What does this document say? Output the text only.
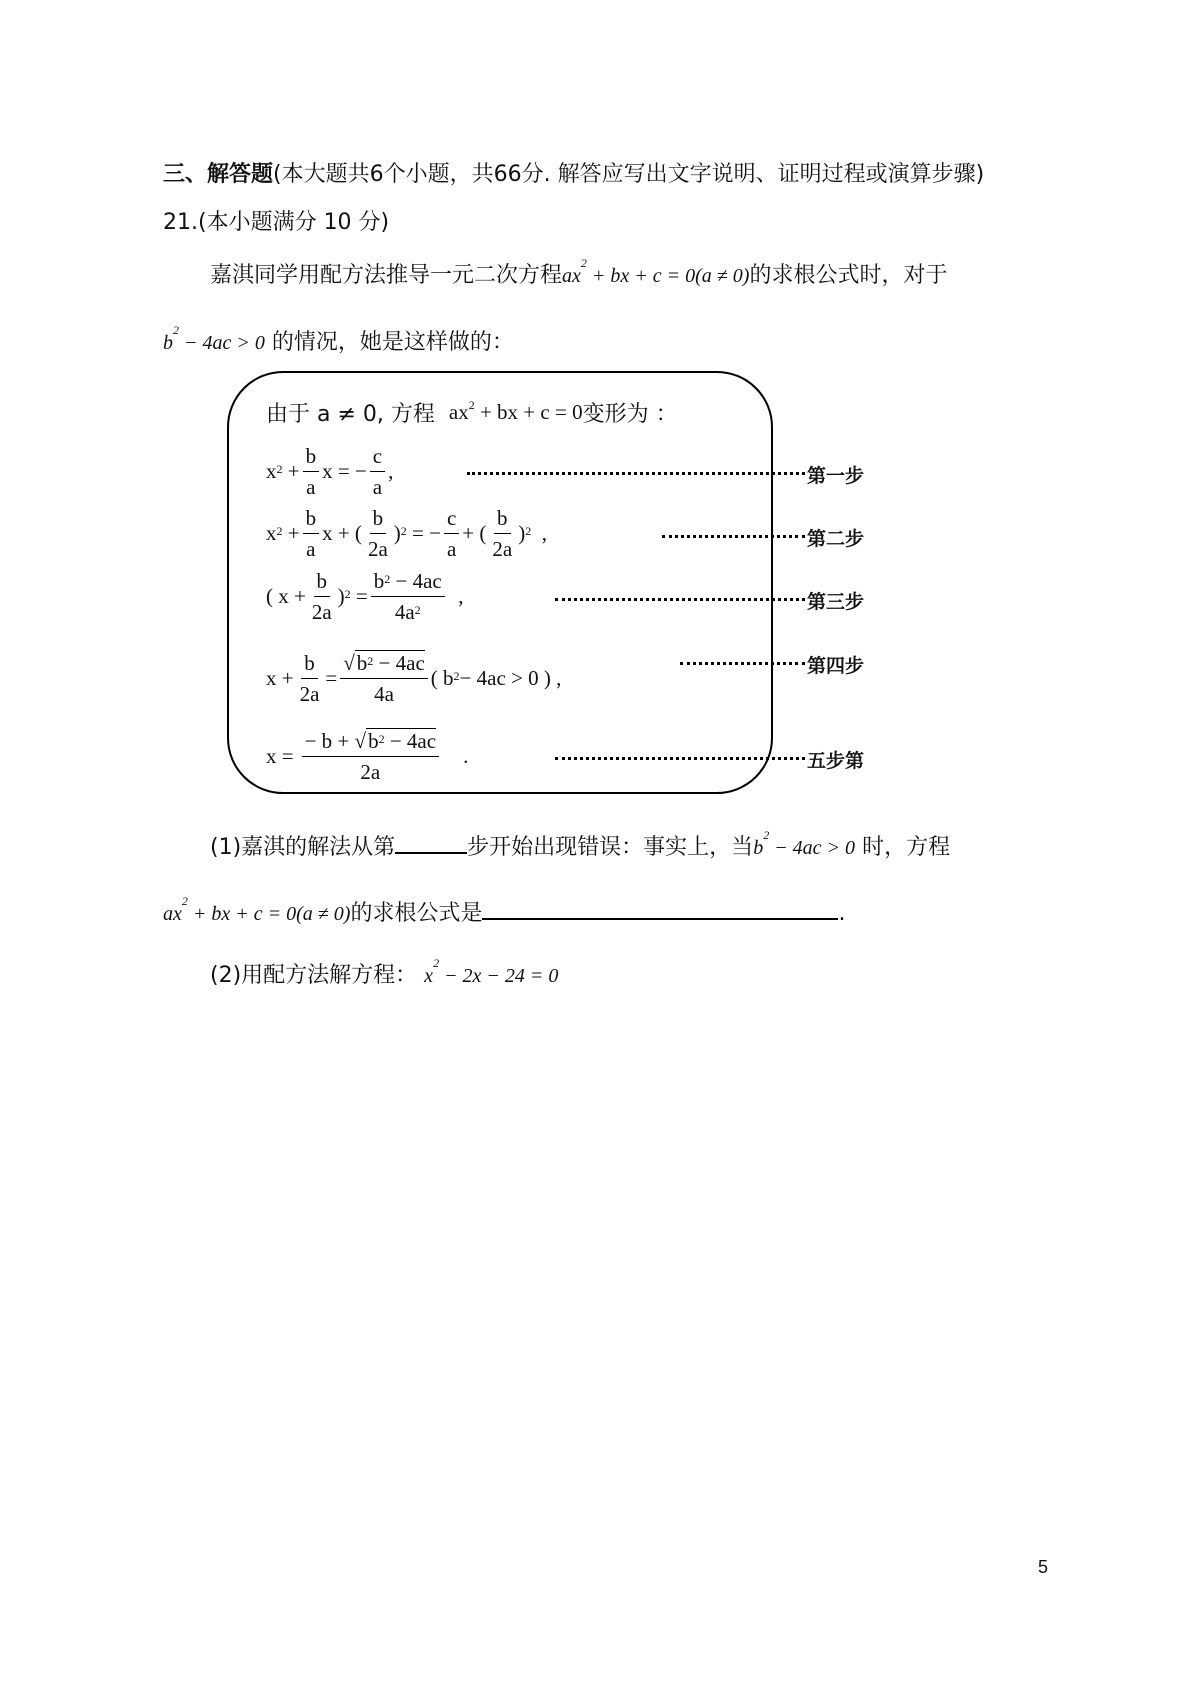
三、解答题(本大题共6个小题，共66分. 解答应写出文字说明、证明过程或演算步骤)
21.(本小题满分 10 分)
嘉淇同学用配方法推导一元二次方程$ax^2$ + bx + c = 0(a ≠ 0)的求根公式时，对于
$b^2 - 4ac > 0$ 的情况，她是这样做的：
由于 a ≠ 0, 方程
$ax^2$ + bx + c = 0 变形为 ：
$x^2 + \frac{b}{a}$ x = − $\frac{c}{a}$ ,	第一步
$x^2 + \frac{b}{a}$ x + ( $\frac{b}{2a} )^2$ = − $\frac{c}{a}$ + ( $\frac{b}{2a} )^2$ ,	第二步
( $x + \frac{b}{2a} )^2 = \frac{b^2 - 4ac}{4a^2}$ ,	第三步
$x + \frac{b}{2a} = \frac{√b^2 - 4ac}{4a}$ ( $b^2 - 4ac > 0$ ) ,	第四步
$x = \frac{- b + √b^2 - 4ac}{2a}$ .	五步第
(1)嘉淇的解法从第	步开始出现错误：事实上，当$b^2 - 4ac > 0$ 时，方程
$ax^2$ + bx + c = 0(a ≠ 0)的求根公式是	.
(2)用配方法解方程： $x^2 - 2x - 24 = 0$
5
